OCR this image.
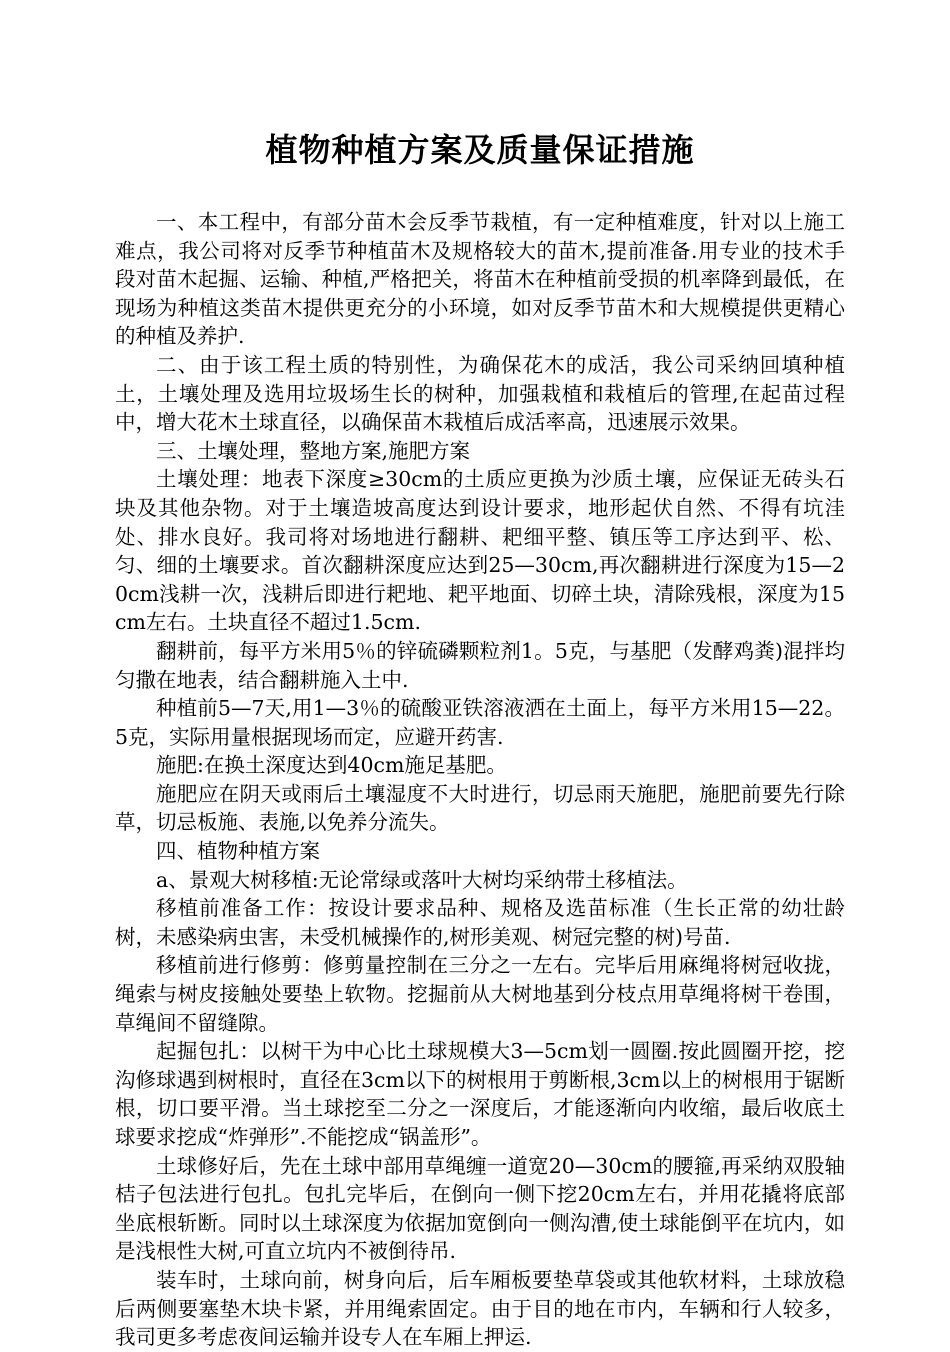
植物种植方案及质量保证措施

一、本工程中，有部分苗木会反季节栽植，有一定种植难度，针对以上施工难点，我公司将对反季节种植苗木及规格较大的苗木,提前准备.用专业的技术手段对苗木起掘、运输、种植,严格把关，将苗木在种植前受损的机率降到最低，在现场为种植这类苗木提供更充分的小环境，如对反季节苗木和大规模提供更精心的种植及养护.

二、由于该工程土质的特别性，为确保花木的成活，我公司采纳回填种植土，土壤处理及选用垃圾场生长的树种，加强栽植和栽植后的管理,在起苗过程中，增大花木土球直径，以确保苗木栽植后成活率高，迅速展示效果。

三、土壤处理，整地方案,施肥方案

土壤处理：地表下深度≥30cm的土质应更换为沙质土壤，应保证无砖头石块及其他杂物。对于土壤造坡高度达到设计要求，地形起伏自然、不得有坑洼处、排水良好。我司将对场地进行翻耕、耙细平整、镇压等工序达到平、松、匀、细的土壤要求。首次翻耕深度应达到25—30cm,再次翻耕进行深度为15—20cm浅耕一次，浅耕后即进行耙地、耙平地面、切碎土块，清除残根，深度为15cm左右。土块直径不超过1.5cm.

翻耕前，每平方米用5％的锌硫磷颗粒剂1。5克，与基肥（发酵鸡粪)混拌均匀撒在地表，结合翻耕施入土中.

种植前5—7天,用1—3％的硫酸亚铁溶液洒在土面上，每平方米用15—22。5克，实际用量根据现场而定，应避开药害.

施肥:在换土深度达到40cm施足基肥。

施肥应在阴天或雨后土壤湿度不大时进行，切忌雨天施肥，施肥前要先行除草，切忌板施、表施,以免养分流失。

四、植物种植方案

a、景观大树移植:无论常绿或落叶大树均采纳带土移植法。

移植前准备工作：按设计要求品种、规格及选苗标准（生长正常的幼壮龄树，未感染病虫害，未受机械操作的,树形美观、树冠完整的树)号苗.

移植前进行修剪：修剪量控制在三分之一左右。完毕后用麻绳将树冠收拢，绳索与树皮接触处要垫上软物。挖掘前从大树地基到分枝点用草绳将树干卷围，草绳间不留缝隙。

起掘包扎：以树干为中心比土球规模大3—5cm划一圆圈.按此圆圈开挖，挖沟修球遇到树根时，直径在3cm以下的树根用于剪断根,3cm以上的树根用于锯断根，切口要平滑。当土球挖至二分之一深度后，才能逐渐向内收缩，最后收底土球要求挖成“炸弹形”.不能挖成“锅盖形”。

土球修好后，先在土球中部用草绳缠一道宽20—30cm的腰箍,再采纳双股轴桔子包法进行包扎。包扎完毕后，在倒向一侧下挖20cm左右，并用花撬将底部坐底根斩断。同时以土球深度为依据加宽倒向一侧沟漕,使土球能倒平在坑内，如是浅根性大树,可直立坑内不被倒待吊.

装车时，土球向前，树身向后，后车厢板要垫草袋或其他软材料，土球放稳后两侧要塞垫木块卡紧，并用绳索固定。由于目的地在市内，车辆和行人较多，我司更多考虑夜间运输并设专人在车厢上押运.
